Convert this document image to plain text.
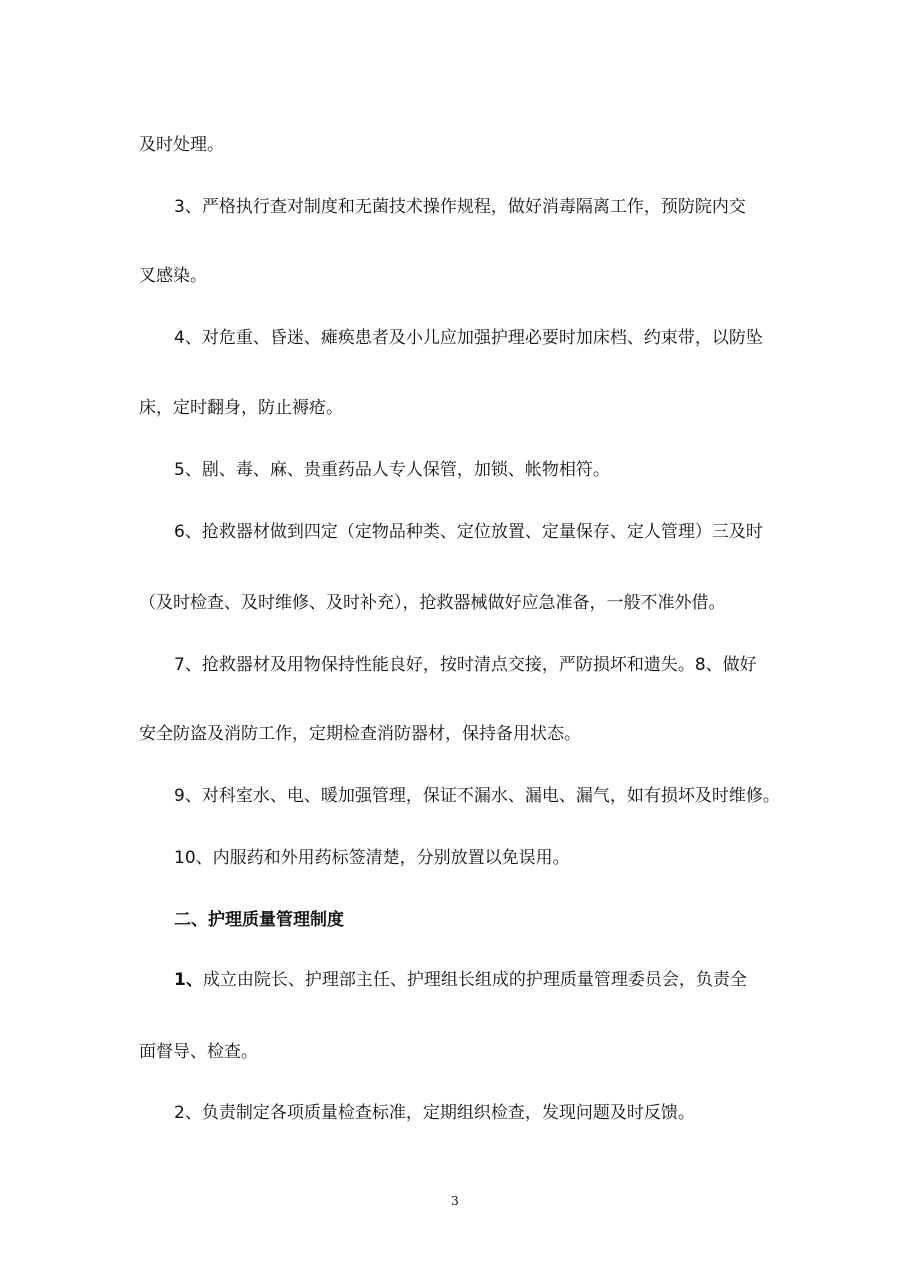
及时处理。
3、严格执行查对制度和无菌技术操作规程，做好消毒隔离工作，预防院内交
叉感染。
4、对危重、昏迷、瘫痪患者及小儿应加强护理必要时加床档、约束带，以防坠
床，定时翻身，防止褥疮。
5、剧、毒、麻、贵重药品人专人保管，加锁、帐物相符。
6、抢救器材做到四定（定物品种类、定位放置、定量保存、定人管理）三及时
（及时检查、及时维修、及时补充），抢救器械做好应急准备，一般不准外借。
7、抢救器材及用物保持性能良好，按时清点交接，严防损坏和遗失。8、做好
安全防盗及消防工作，定期检查消防器材，保持备用状态。
9、对科室水、电、暖加强管理，保证不漏水、漏电、漏气，如有损坏及时维修。
10、内服药和外用药标签清楚，分别放置以免误用。
二、护理质量管理制度
1、成立由院长、护理部主任、护理组长组成的护理质量管理委员会，负责全
面督导、检查。
2、负责制定各项质量检查标准，定期组织检查，发现问题及时反馈。
3
